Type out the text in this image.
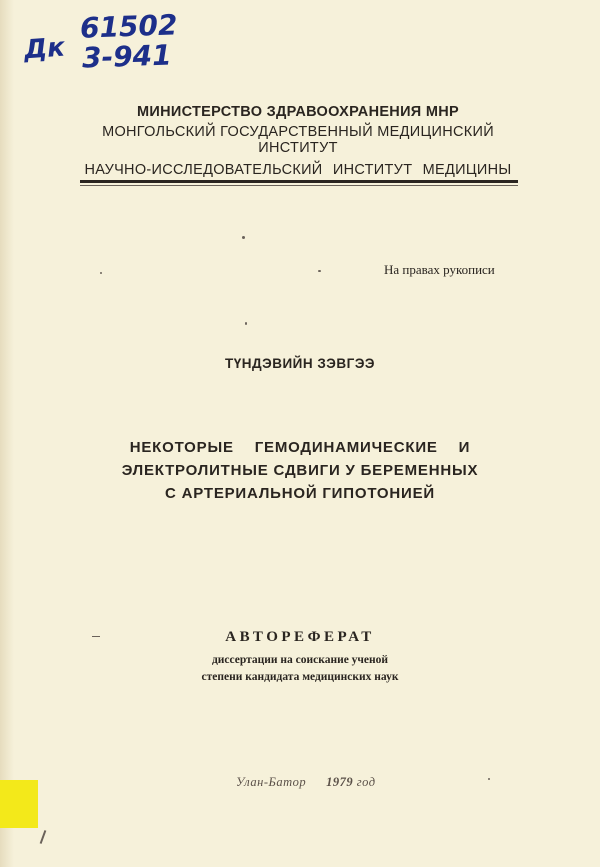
Дк
61502
3-941

МИНИСТЕРСТВО ЗДРАВООХРАНЕНИЯ МНР

МОНГОЛЬСКИЙ ГОСУДАРСТВЕННЫЙ МЕДИЦИНСКИЙ

ИНСТИТУТ

НАУЧНО-ИССЛЕДОВАТЕЛЬСКИЙ ИНСТИТУТ МЕДИЦИНЫ

На правах рукописи
ТҮНДЭВИЙН ЗЭВГЭЭ
НЕКОТОРЫЕ ГЕМОДИНАМИЧЕСКИЕ И
ЭЛЕКТРОЛИТНЫЕ СДВИГИ У БЕРЕМЕННЫХ
С АРТЕРИАЛЬНОЙ ГИПОТОНИЕЙ
АВТОРЕФЕРАТ
диссертации на соискание ученой
степени кандидата медицинских наук
Улан-Батор 1979 год
